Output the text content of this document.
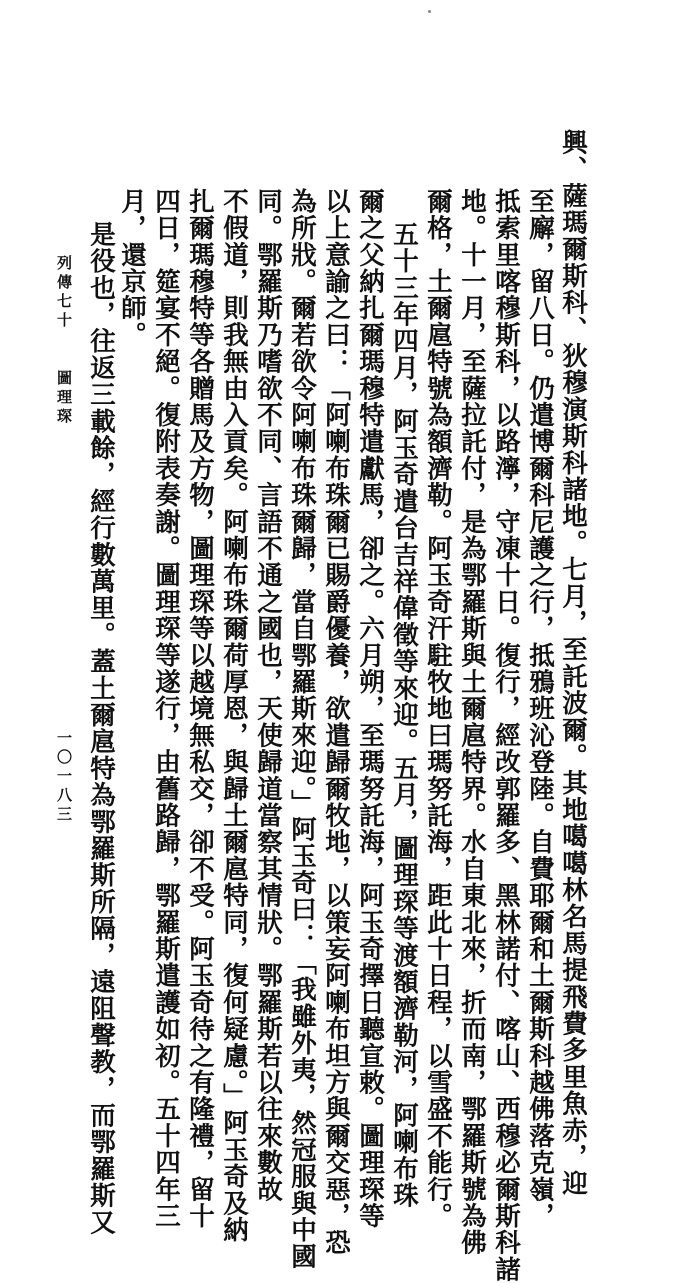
興、薩瑪爾斯科、狄穆演斯科諸地。七月，至託波爾。其地噶噶林名馬提飛費多里魚赤，迎

至廨，留八日。仍遣博爾科尼護之行，抵鴉班沁登陸。自費耶爾和土爾斯科越佛落克嶺，

抵索里喀穆斯科，以路濘，守凍十日。復行，經改郭羅多、黑林諾付、喀山、西穆必爾斯科諸

地。十一月，至薩拉託付，是為鄂羅斯與土爾扈特界。水自東北來，折而南，鄂羅斯號為佛

爾格，土爾扈特號為額濟勒。阿玉奇汗駐牧地曰瑪努託海，距此十日程，以雪盛不能行。

五十三年四月，阿玉奇遣台吉祥偉徵等來迎。五月，圖理琛等渡額濟勒河，阿喇布珠

爾之父納扎爾瑪穆特遣獻馬，卻之。六月朔，至瑪努託海，阿玉奇擇日聽宣敕。圖理琛等

以上意諭之曰：「阿喇布珠爾已賜爵優養，欲遣歸爾牧地，以策妄阿喇布坦方與爾交惡，恐

為所戕。爾若欲令阿喇布珠爾歸，當自鄂羅斯來迎。」阿玉奇曰：「我雖外夷，然冠服與中國

同。鄂羅斯乃嗜欲不同、言語不通之國也，天使歸道當察其情狀。鄂羅斯若以往來數故

不假道，則我無由入貢矣。阿喇布珠爾荷厚恩，與歸土爾扈特同，復何疑慮。」阿玉奇及納

扎爾瑪穆特等各贈馬及方物，圖理琛等以越境無私交，卻不受。阿玉奇待之有隆禮，留十

四日，筵宴不絕。復附表奏謝。圖理琛等遂行，由舊路歸，鄂羅斯遣護如初。五十四年三

月，還京師。

是役也，往返三載餘，經行數萬里。蓋土爾扈特為鄂羅斯所隔，遠阻聲教，而鄂羅斯又

列傳七十
圖理琛
一〇一八三
